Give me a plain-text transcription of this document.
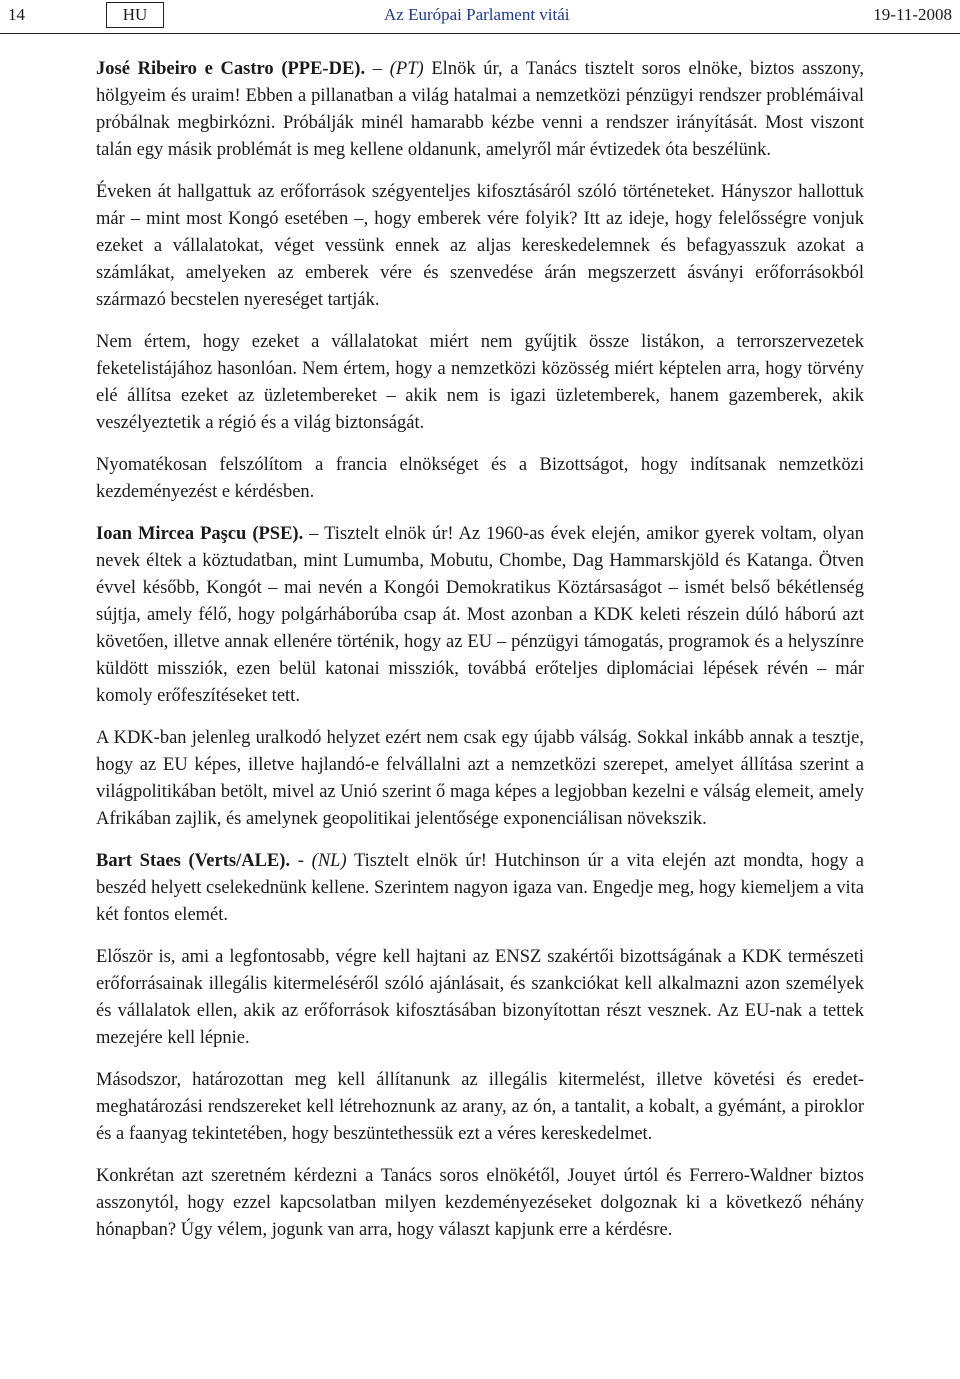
14	HU	Az Európai Parlament vitái	19-11-2008

José Ribeiro e Castro (PPE-DE). – (PT) Elnök úr, a Tanács tisztelt soros elnöke, biztos asszony, hölgyeim és uraim! Ebben a pillanatban a világ hatalmai a nemzetközi pénzügyi rendszer problémáival próbálnak megbirkózni. Próbálják minél hamarabb kézbe venni a rendszer irányítását. Most viszont talán egy másik problémát is meg kellene oldanunk, amelyről már évtizedek óta beszélünk.

Éveken át hallgattuk az erőforrások szégyenteljes kifosztásáról szóló történeteket. Hányszor hallottuk már – mint most Kongó esetében –, hogy emberek vére folyik? Itt az ideje, hogy felelősségre vonjuk ezeket a vállalatokat, véget vessünk ennek az aljas kereskedelemnek és befagyasszuk azokat a számlákat, amelyeken az emberek vére és szenvedése árán megszerzett ásványi erőforrásokból származó becstelen nyereséget tartják.

Nem értem, hogy ezeket a vállalatokat miért nem gyűjtik össze listákon, a terrorszervezetek feketelistájához hasonlóan. Nem értem, hogy a nemzetközi közösség miért képtelen arra, hogy törvény elé állítsa ezeket az üzletembereket – akik nem is igazi üzletemberek, hanem gazemberek, akik veszélyeztetik a régió és a világ biztonságát.

Nyomatékosan felszólítom a francia elnökséget és a Bizottságot, hogy indítsanak nemzetközi kezdeményezést e kérdésben.

Ioan Mircea Paşcu (PSE). – Tisztelt elnök úr! Az 1960-as évek elején, amikor gyerek voltam, olyan nevek éltek a köztudatban, mint Lumumba, Mobutu, Chombe, Dag Hammarskjöld és Katanga. Ötven évvel később, Kongót – mai nevén a Kongói Demokratikus Köztársaságot – ismét belső békétlenség sújtja, amely félő, hogy polgárháborúba csap át. Most azonban a KDK keleti részein dúló háború azt követően, illetve annak ellenére történik, hogy az EU – pénzügyi támogatás, programok és a helyszínre küldött missziók, ezen belül katonai missziók, továbbá erőteljes diplomáciai lépések révén – már komoly erőfeszítéseket tett.

A KDK-ban jelenleg uralkodó helyzet ezért nem csak egy újabb válság. Sokkal inkább annak a tesztje, hogy az EU képes, illetve hajlandó-e felvállalni azt a nemzetközi szerepet, amelyet állítása szerint a világpolitikában betölt, mivel az Unió szerint ő maga képes a legjobban kezelni e válság elemeit, amely Afrikában zajlik, és amelynek geopolitikai jelentősége exponenciálisan növekszik.

Bart Staes (Verts/ALE). - (NL) Tisztelt elnök úr! Hutchinson úr a vita elején azt mondta, hogy a beszéd helyett cselekednünk kellene. Szerintem nagyon igaza van. Engedje meg, hogy kiemeljem a vita két fontos elemét.

Először is, ami a legfontosabb, végre kell hajtani az ENSZ szakértői bizottságának a KDK természeti erőforrásainak illegális kitermeléséről szóló ajánlásait, és szankciókat kell alkalmazni azon személyek és vállalatok ellen, akik az erőforrások kifosztásában bizonyítottan részt vesznek. Az EU-nak a tettek mezejére kell lépnie.

Másodszor, határozottan meg kell állítanunk az illegális kitermelést, illetve követési és eredet-meghatározási rendszereket kell létrehoznunk az arany, az ón, a tantalit, a kobalt, a gyémánt, a piroklor és a faanyag tekintetében, hogy beszüntethessük ezt a véres kereskedelmet.

Konkrétan azt szeretném kérdezni a Tanács soros elnökétől, Jouyet úrtól és Ferrero-Waldner biztos asszonytól, hogy ezzel kapcsolatban milyen kezdeményezéseket dolgoznak ki a következő néhány hónapban? Úgy vélem, jogunk van arra, hogy választ kapjunk erre a kérdésre.
